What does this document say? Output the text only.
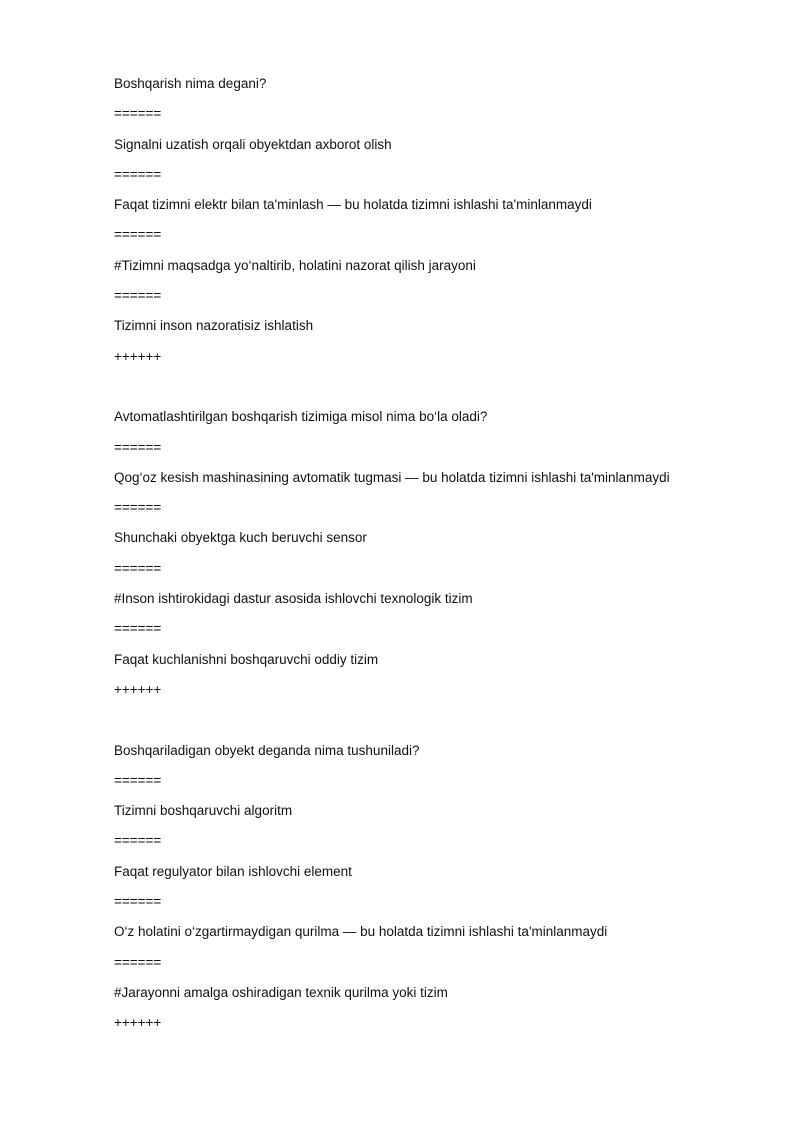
Boshqarish nima degani?
======
Signalni uzatish orqali obyektdan axborot olish
======
Faqat tizimni elektr bilan ta'minlash — bu holatda tizimni ishlashi ta'minlanmaydi
======
#Tizimni maqsadga yo‘naltirib, holatini nazorat qilish jarayoni
======
Tizimni inson nazoratisiz ishlatish
++++++
Avtomatlashtirilgan boshqarish tizimiga misol nima bo‘la oladi?
======
Qog‘oz kesish mashinasining avtomatik tugmasi — bu holatda tizimni ishlashi ta'minlanmaydi
======
Shunchaki obyektga kuch beruvchi sensor
======
#Inson ishtirokidagi dastur asosida ishlovchi texnologik tizim
======
Faqat kuchlanishni boshqaruvchi oddiy tizim
++++++
Boshqariladigan obyekt deganda nima tushuniladi?
======
Tizimni boshqaruvchi algoritm
======
Faqat regulyator bilan ishlovchi element
======
O‘z holatini o‘zgartirmaydigan qurilma — bu holatda tizimni ishlashi ta'minlanmaydi
======
#Jarayonni amalga oshiradigan texnik qurilma yoki tizim
++++++
